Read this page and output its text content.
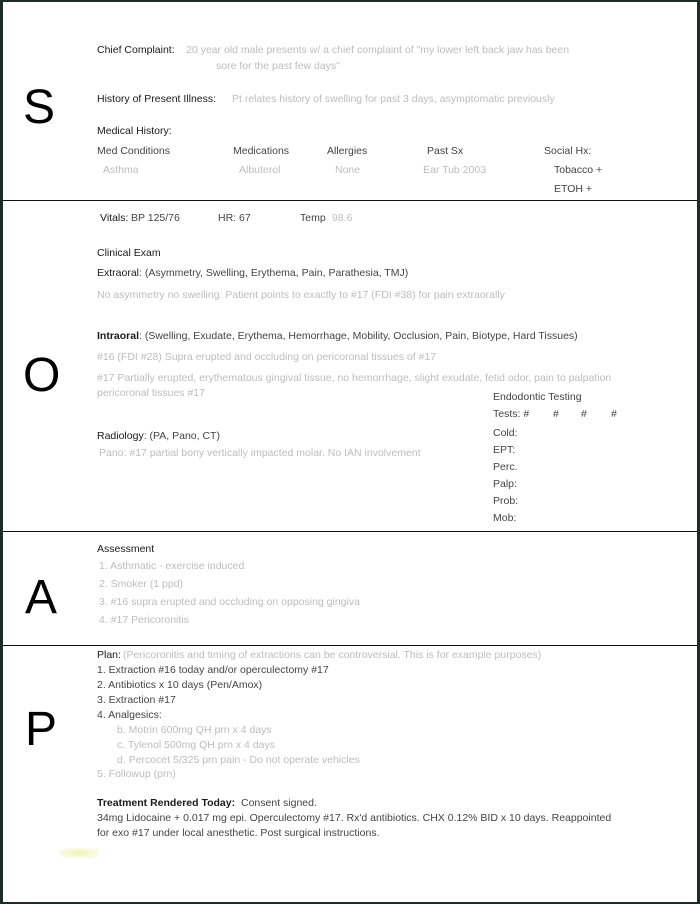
S
O
A
P
Chief Complaint: 20 year old male presents w/ a chief complaint of "my lower left back jaw has been
sore for the past few days"
History of Present Illness: Pt relates history of swelling for past 3 days, asymptomatic previously
Medical History:
Med Conditions	Medications	Allergies	Past Sx	Social Hx:
Asthma	Albuterol	None	Ear Tub 2003	Tobacco +
ETOH +
Vitals: BP 125/76	HR: 67	Temp 98.6
Clinical Exam
Extraoral: (Asymmetry, Swelling, Erythema, Pain, Parathesia, TMJ)
No asymmetry no swelling. Patient points to exactly to #17 (FDI #38) for pain extraorally
Intraoral: (Swelling, Exudate, Erythema, Hemorrhage, Mobility, Occlusion, Pain, Biotype, Hard Tissues)
#16 (FDI #28) Supra erupted and occluding on pericoronal tissues of #17
#17 Partially erupted, erythematous gingival tissue, no hemorrhage, slight exudate, fetid odor, pain to palpation
pericoronal tissues #17	Endodontic Testing
Tests: # # # #
Cold:
EPT:
Perc.
Palp:
Prob:
Mob:
Radiology: (PA, Pano, CT)
Pano: #17 partial bony vertically impacted molar. No IAN involvement
Assessment
1. Asthmatic - exercise induced
2. Smoker (1 ppd)
3. #16 supra erupted and occluding on opposing gingiva
4. #17 Pericoronitis
Plan: (Pericoronitis and timing of extractions can be controversial. This is for example purposes)
1. Extraction #16 today and/or operculectomy #17
2. Antibiotics x 10 days (Pen/Amox)
3. Extraction #17
4. Analgesics:
b. Motrin 600mg QH prn x 4 days
c. Tylenol 500mg QH prn x 4 days
d. Percocet 5/325 prn pain - Do not operate vehicles
5. Followup (prn)
Treatment Rendered Today: Consent signed.
34mg Lidocaine + 0.017 mg epi. Operculectomy #17. Rx'd antibiotics. CHX 0.12% BID x 10 days. Reappointed
for exo #17 under local anesthetic. Post surgical instructions.
